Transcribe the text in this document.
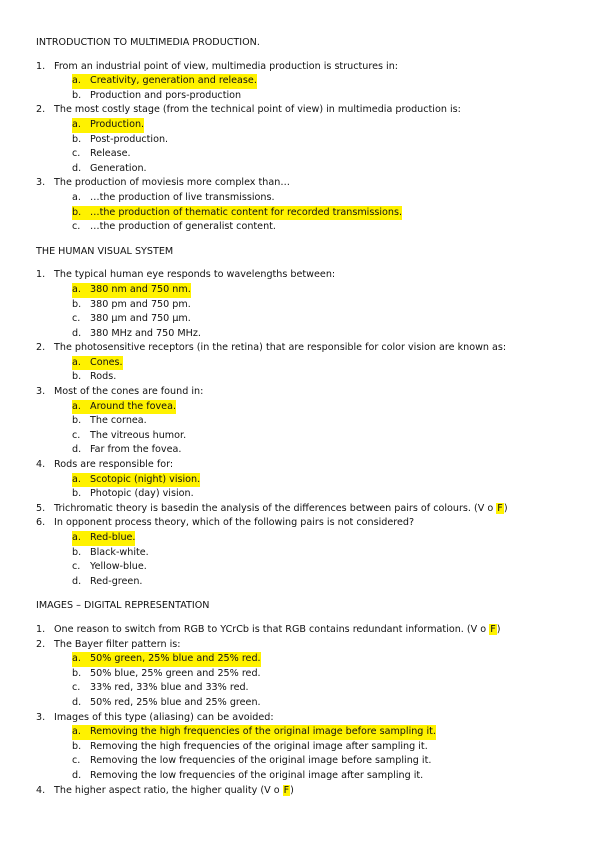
INTRODUCTION TO MULTIMEDIA PRODUCTION.
1. From an industrial point of view, multimedia production is structures in:
a. Creativity, generation and release.
b. Production and pors-production
2. The most costly stage (from the technical point of view) in multimedia production is:
a. Production.
b. Post-production.
c.	Release.
d. Generation.
3. The production of moviesis more complex than…
a. …the production of live transmissions.
b. …the production of thematic content for recorded transmissions.
c.	…the production of generalist content.
THE HUMAN VISUAL SYSTEM
1. The typical human eye responds to wavelengths between:
a. 380 nm and 750 nm.
b. 380 pm and 750 pm.
c.	380 µm and 750 µm.
d. 380 MHz and 750 MHz.
2. The photosensitive receptors (in the retina) that are responsible for color vision are known as:
a. Cones.
b. Rods.
3. Most of the cones are found in:
a. Around the fovea.
b. The cornea.
c.	The vitreous humor.
d. Far from the fovea.
4. Rods are responsible for:
a. Scotopic (night) vision.
b. Photopic (day) vision.
5. Trichromatic theory is basedin the analysis of the differences between pairs of colours. (V o F)
6. In opponent process theory, which of the following pairs is not considered?
a. Red-blue.
b. Black-white.
c.	Yellow-blue.
d. Red-green.
IMAGES – DIGITAL REPRESENTATION
1. One reason to switch from RGB to YCrCb is that RGB contains redundant information. (V o F)
2. The Bayer filter pattern is:
a. 50% green, 25% blue and 25% red.
b. 50% blue, 25% green and 25% red.
c.	33% red, 33% blue and 33% red.
d. 50% red, 25% blue and 25% green.
3. Images of this type (aliasing) can be avoided:
a. Removing the high frequencies of the original image before sampling it.
b. Removing the high frequencies of the original image after sampling it.
c.	Removing the low frequencies of the original image before sampling it.
d. Removing the low frequencies of the original image after sampling it.
4. The higher aspect ratio, the higher quality (V o F)
